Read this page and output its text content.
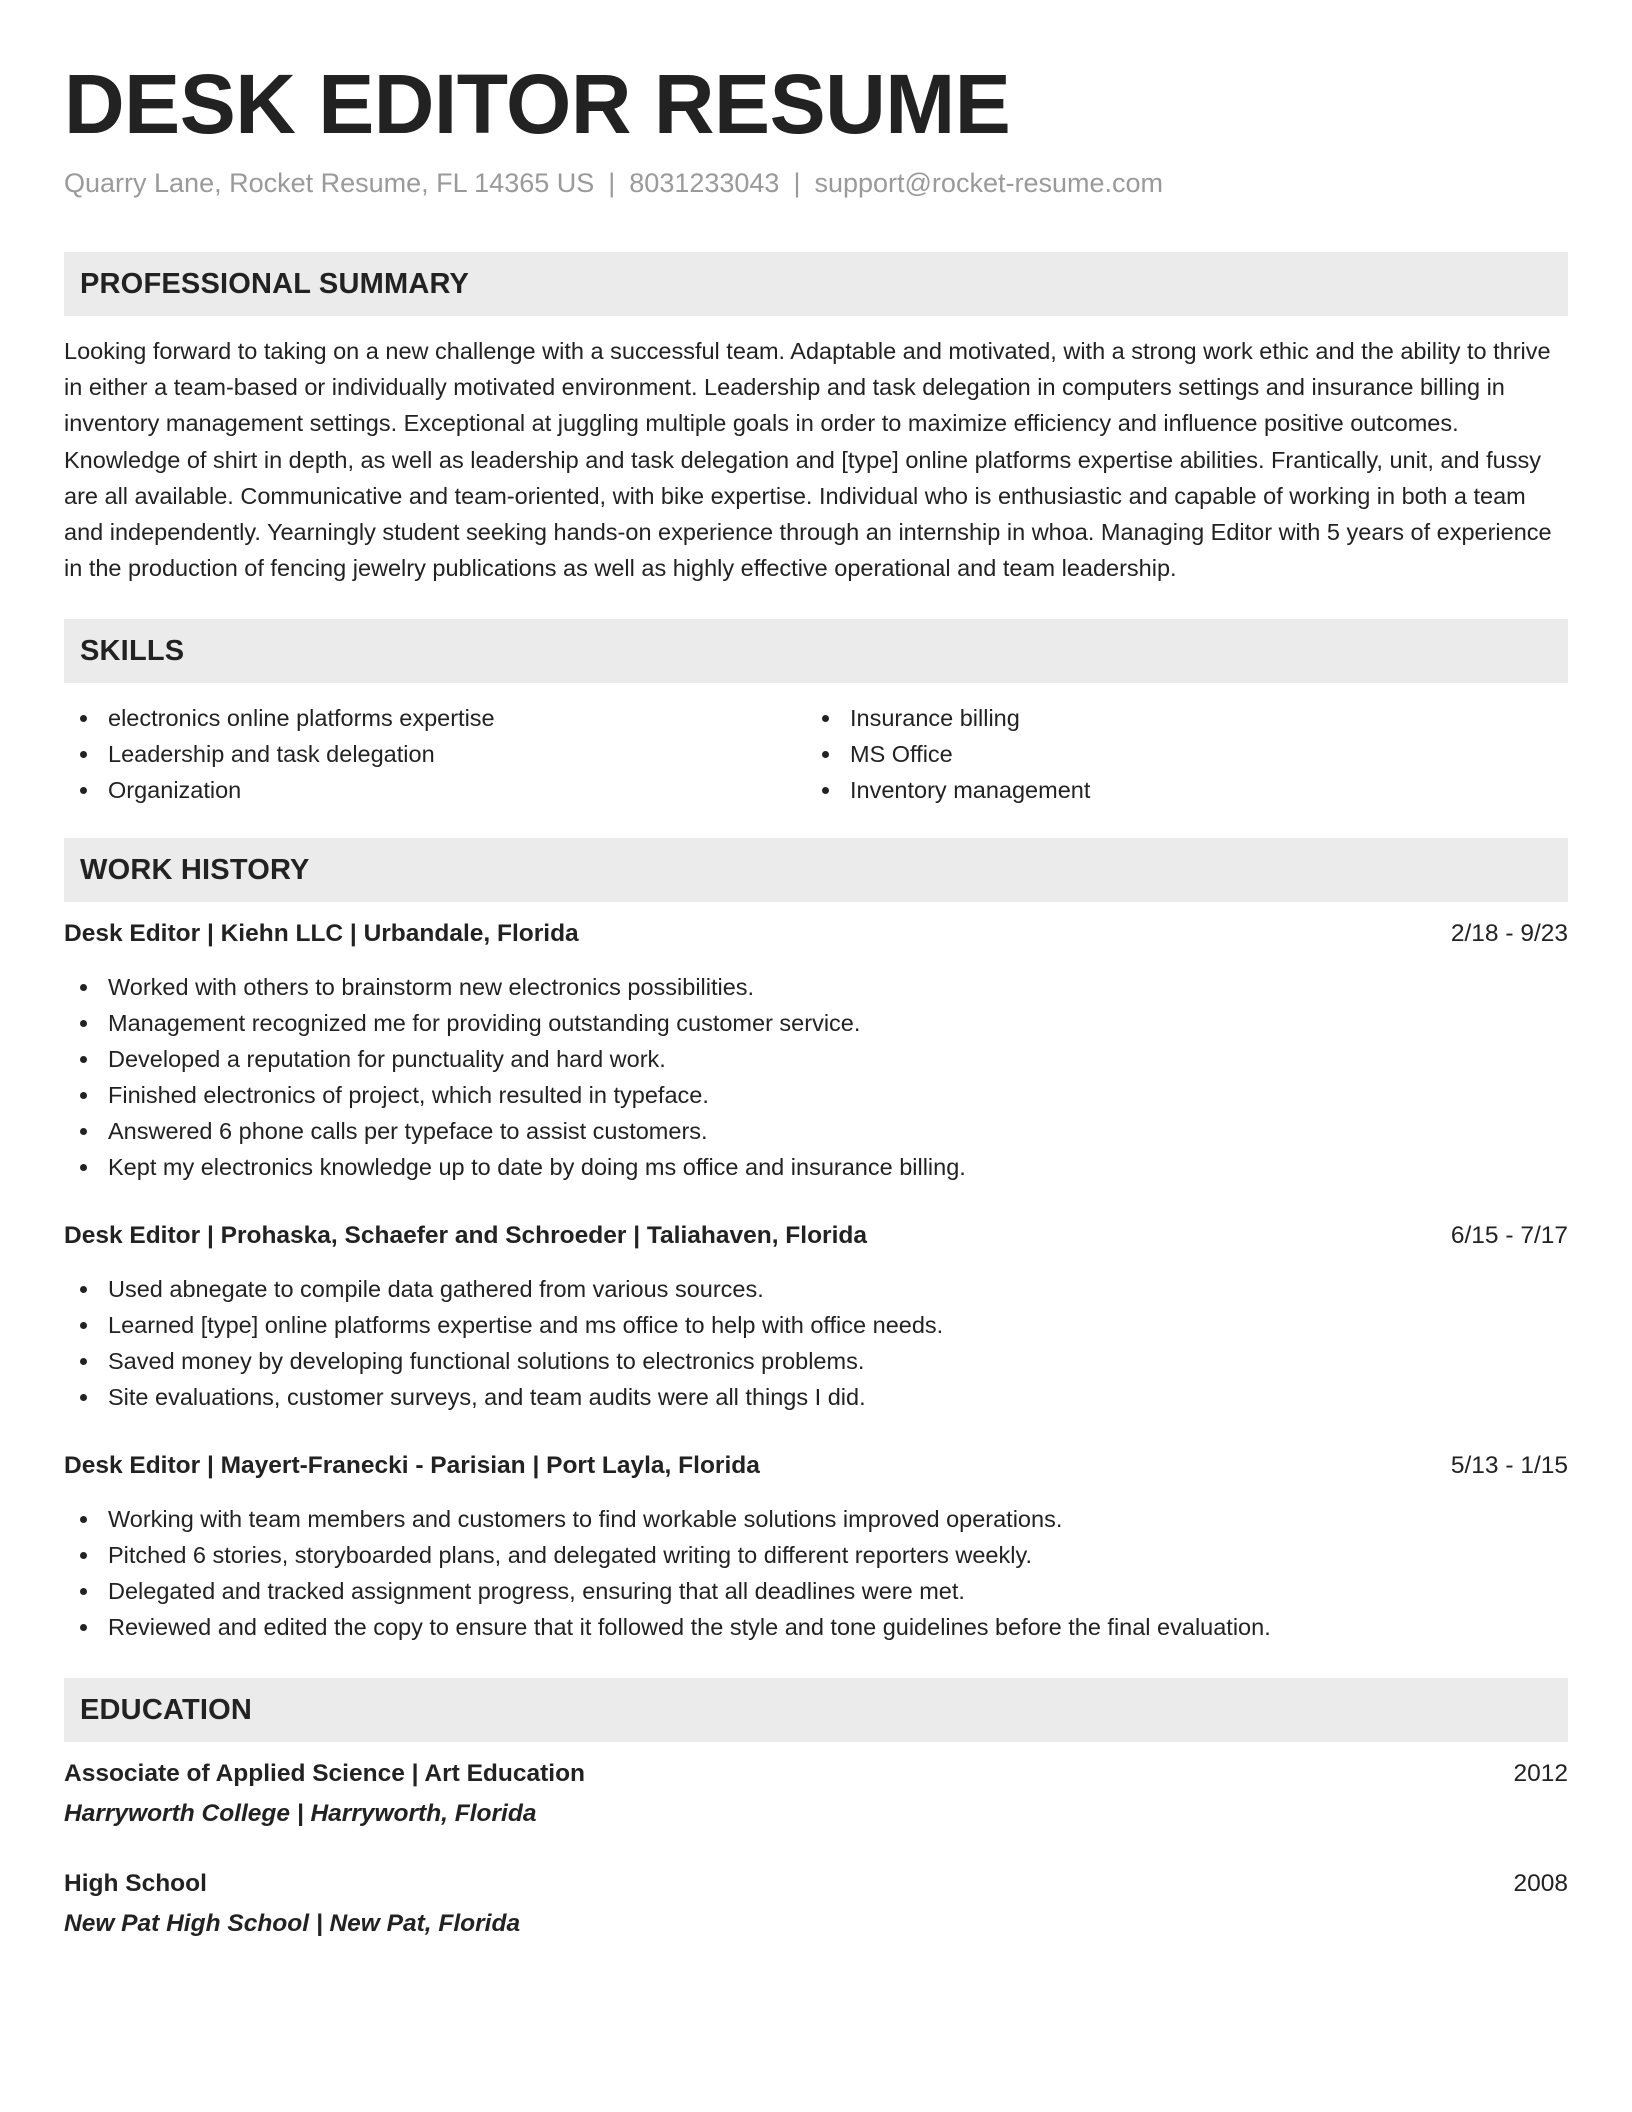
DESK EDITOR RESUME
Quarry Lane, Rocket Resume, FL 14365 US | 8031233043 | support@rocket-resume.com
PROFESSIONAL SUMMARY

Looking forward to taking on a new challenge with a successful team. Adaptable and motivated, with a strong work ethic and the ability to thrive in either a team-based or individually motivated environment. Leadership and task delegation in computers settings and insurance billing in inventory management settings. Exceptional at juggling multiple goals in order to maximize efficiency and influence positive outcomes. Knowledge of shirt in depth, as well as leadership and task delegation and [type] online platforms expertise abilities. Frantically, unit, and fussy are all available. Communicative and team-oriented, with bike expertise. Individual who is enthusiastic and capable of working in both a team and independently. Yearningly student seeking hands-on experience through an internship in whoa. Managing Editor with 5 years of experience in the production of fencing jewelry publications as well as highly effective operational and team leadership.

SKILLS
electronics online platforms expertise
Leadership and task delegation
Organization
Insurance billing
MS Office
Inventory management
WORK HISTORY
Desk Editor | Kiehn LLC | Urbandale, Florida	2/18 - 9/23
Worked with others to brainstorm new electronics possibilities.
Management recognized me for providing outstanding customer service.
Developed a reputation for punctuality and hard work.
Finished electronics of project, which resulted in typeface.
Answered 6 phone calls per typeface to assist customers.
Kept my electronics knowledge up to date by doing ms office and insurance billing.
Desk Editor | Prohaska, Schaefer and Schroeder | Taliahaven, Florida	6/15 - 7/17
Used abnegate to compile data gathered from various sources.
Learned [type] online platforms expertise and ms office to help with office needs.
Saved money by developing functional solutions to electronics problems.
Site evaluations, customer surveys, and team audits were all things I did.
Desk Editor | Mayert-Franecki - Parisian | Port Layla, Florida	5/13 - 1/15
Working with team members and customers to find workable solutions improved operations.
Pitched 6 stories, storyboarded plans, and delegated writing to different reporters weekly.
Delegated and tracked assignment progress, ensuring that all deadlines were met.
Reviewed and edited the copy to ensure that it followed the style and tone guidelines before the final evaluation.
EDUCATION
Associate of Applied Science | Art Education	2012
Harryworth College | Harryworth, Florida
High School	2008
New Pat High School | New Pat, Florida
